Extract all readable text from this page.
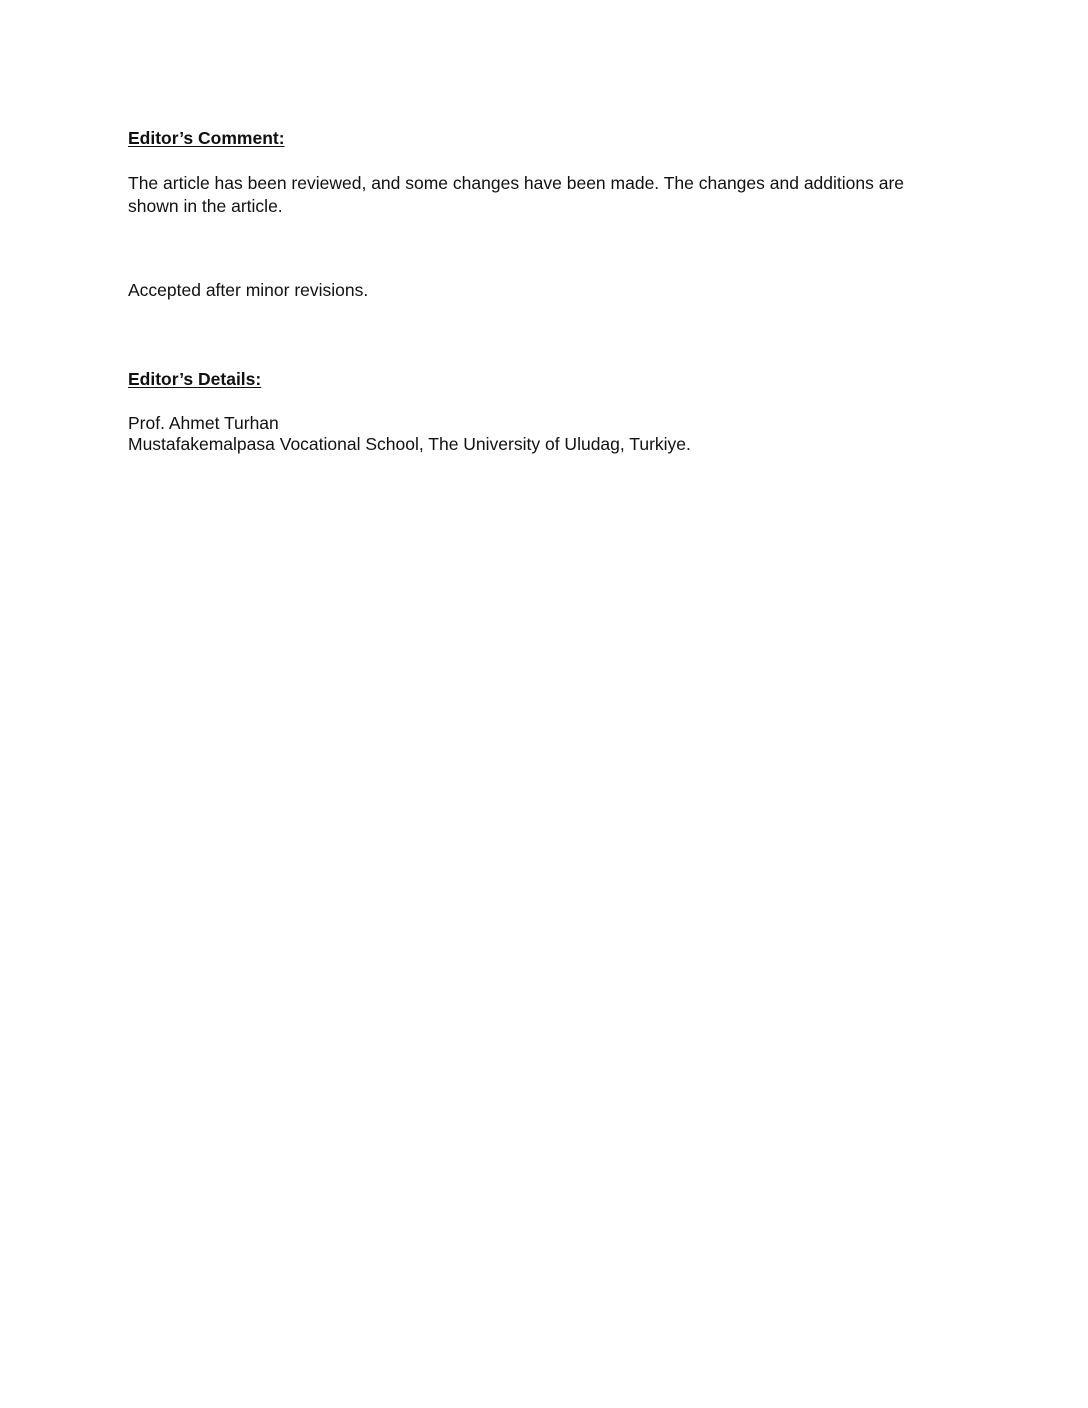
Editor’s Comment:

The article has been reviewed, and some changes have been made. The changes and additions are
shown in the article.

Accepted after minor revisions.

Editor’s Details:

Prof. Ahmet Turhan
Mustafakemalpasa Vocational School, The University of Uludag, Turkiye.
